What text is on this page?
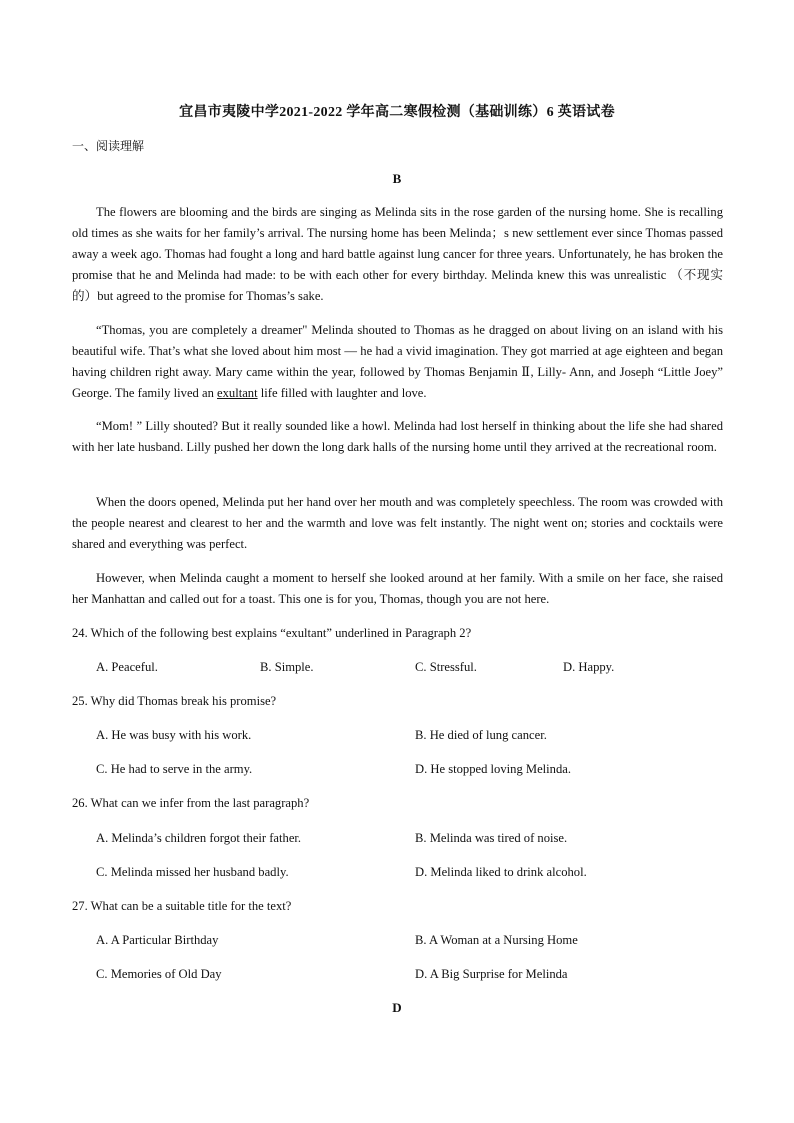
宜昌市夷陵中学2021-2022 学年高二寒假检测（基础训练）6 英语试卷
一、阅读理解
B

The flowers are blooming and the birds are singing as Melinda sits in the rose garden of the nursing home. She is recalling old times as she waits for her family’s arrival. The nursing home has been Melinda；s new settlement ever since Thomas passed away a week ago. Thomas had fought a long and hard battle against lung cancer for three years. Unfortunately, he has broken the promise that he and Melinda had made: to be with each other for every birthday. Melinda knew this was unrealistic （不现实的）but agreed to the promise for Thomas’s sake.

“Thomas, you are completely a dreamer" Melinda shouted to Thomas as he dragged on about living on an island with his beautiful wife. That’s what she loved about him most — he had a vivid imagination. They got married at age eighteen and began having children right away. Mary came within the year, followed by Thomas Benjamin Ⅱ, Lilly- Ann, and Joseph “Little Joey” George. The family lived an exultant life filled with laughter and love.

“Mom! ” Lilly shouted? But it really sounded like a howl. Melinda had lost herself in thinking about the life she had shared with her late husband. Lilly pushed her down the long dark halls of the nursing home until they arrived at the recreational room.

When the doors opened, Melinda put her hand over her mouth and was completely speechless. The room was crowded with the people nearest and clearest to her and the warmth and love was felt instantly. The night went on; stories and cocktails were shared and everything was perfect.

However, when Melinda caught a moment to herself she looked around at her family. With a smile on her face, she raised her Manhattan and called out for a toast. This one is for you, Thomas, though you are not here.

24. Which of the following best explains “exultant” underlined in Paragraph 2?
A. Peaceful.	B. Simple.	C. Stressful.	D. Happy.
25. Why did Thomas break his promise?
A. He was busy with his work.	B. He died of lung cancer.
C. He had to serve in the army.	D. He stopped loving Melinda.
26. What can we infer from the last paragraph?
A. Melinda’s children forgot their father.	B. Melinda was tired of noise.
C. Melinda missed her husband badly.	D. Melinda liked to drink alcohol.
27. What can be a suitable title for the text?
A. A Particular Birthday	B. A Woman at a Nursing Home
C. Memories of Old Day	D. A Big Surprise for Melinda
D
